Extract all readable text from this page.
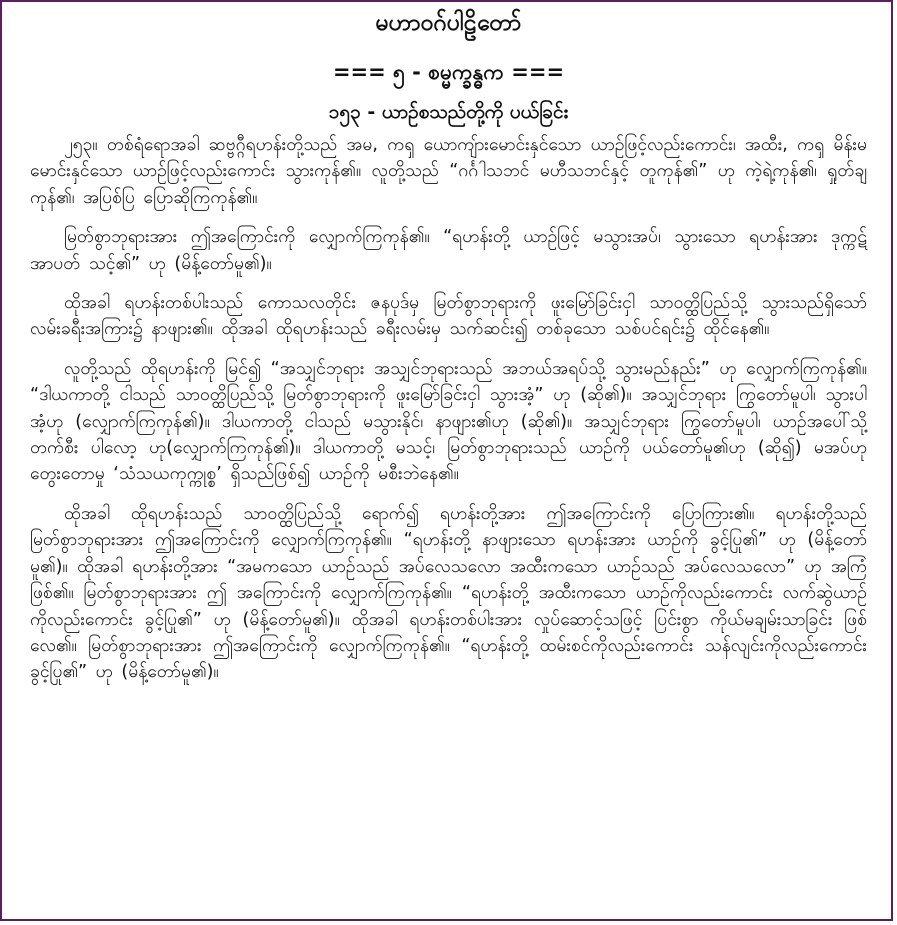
မဟာဝဂ်ပါဠိတော်
=== ၅ - စမ္မက္ခန္ဓက ===
၁၅၃ - ယာဉ်စသည်တို့ကို ပယ်ခြင်း

၂၅၃။ တစ်ရံရောအခါ ဆဗ္ဗဂ္ဂီရဟန်းတို့သည် အမ, ကၡ ယောကျ်ားမောင်းနှင်သော ယာဉ်ဖြင့်လည်းကောင်း၊ အထီး, ကၡ မိန်းမမောင်းနှင်သော ယာဉ်ဖြင့်လည်းကောင်း သွားကုန်၏။ လူတို့သည် “ဂင်္ဂါသဘင် မဟီသဘင်နှင့် တူကုန်၏” ဟု ကဲ့ရဲ့ကုန်၏၊ ရှုတ်ချကုန်၏၊ အပြစ်ပြ ပြောဆိုကြကုန်၏။

မြတ်စွာဘုရားအား ဤအကြောင်းကို လျှောက်ကြကုန်၏။ “ရဟန်းတို့ ယာဉ်ဖြင့် မသွားအပ်၊ သွားသော ရဟန်းအား ဒုက္ကဋ်အာပတ် သင့်၏” ဟု (မိန့်တော်မူ၏)။

ထိုအခါ ရဟန်းတစ်ပါးသည် ကောသလတိုင်း ဇနပုဒ်မှ မြတ်စွာဘုရားကို ဖူးမြော်ခြင်းငှါ သာဝတ္ထိပြည်သို့ သွားသည်ရှိသော် လမ်းခရီးအကြား၌ နာဖျား၏။ ထိုအခါ ထိုရဟန်းသည် ခရီးလမ်းမှ သက်ဆင်း၍ တစ်ခုသော သစ်ပင်ရင်း၌ ထိုင်နေ၏။

လူတို့သည် ထိုရဟန်းကို မြင်၍ “အသျှင်ဘုရား အသျှင်ဘုရားသည် အဘယ်အရပ်သို့ သွားမည်နည်း” ဟု လျှောက်ကြကုန်၏။ “ဒါယကာတို့ ငါသည် သာဝတ္ထိပြည်သို့ မြတ်စွာဘုရားကို ဖူးမြော်ခြင်းငှါ သွားအံ့” ဟု (ဆို၏)။ အသျှင်ဘုရား ကြွတော်မူပါ၊ သွားပါအံ့ဟု (လျှောက်ကြကုန်၏)။ ဒါယကာတို့ ငါသည် မသွားနိုင်၊ နာဖျား၏ဟု (ဆို၏)။ အသျှင်ဘုရား ကြွတော်မူပါ၊ ယာဉ်အပေါ်သို့ တက်စီး ပါလော့ ဟု(လျှောက်ကြကုန်၏)။ ဒါယကာတို့ မသင့်၊ မြတ်စွာဘုရားသည် ယာဉ်ကို ပယ်တော်မူ၏ဟု (ဆို၍) မအပ်ဟု တွေးတောမှု ‘သံသယကုက္ကုစ္စ’ ရှိသည်ဖြစ်၍ ယာဉ်ကို မစီးဘဲနေ၏။

ထိုအခါ ထိုရဟန်းသည် သာဝတ္ထိပြည်သို့ ရောက်၍ ရဟန်းတို့အား ဤအကြောင်းကို ပြောကြား၏။ ရဟန်းတို့သည် မြတ်စွာဘုရားအား ဤအကြောင်းကို လျှောက်ကြကုန်၏။ “ရဟန်းတို့ နာဖျားသော ရဟန်းအား ယာဉ်ကို ခွင့်ပြု၏” ဟု (မိန့်တော်မူ၏)။ ထိုအခါ ရဟန်းတို့အား “အမကသော ယာဉ်သည် အပ်လေသလော အထီးကသော ယာဉ်သည် အပ်လေသလော” ဟု အကြံဖြစ်၏။ မြတ်စွာဘုရားအား ဤ အကြောင်းကို လျှောက်ကြကုန်၏။ “ရဟန်းတို့ အထီးကသော ယာဉ်ကိုလည်းကောင်း လက်ဆွဲယာဉ်ကိုလည်းကောင်း ခွင့်ပြု၏” ဟု (မိန့်တော်မူ၏)။ ထိုအခါ ရဟန်းတစ်ပါးအား လှုပ်ဆောင့်သဖြင့် ပြင်းစွာ ကိုယ်မချမ်းသာခြင်း ဖြစ်လေ၏။ မြတ်စွာဘုရားအား ဤအကြောင်းကို လျှောက်ကြကုန်၏။ “ရဟန်းတို့ ထမ်းစင်ကိုလည်းကောင်း သန်လျင်းကိုလည်းကောင်း ခွင့်ပြု၏” ဟု (မိန့်တော်မူ၏)။
